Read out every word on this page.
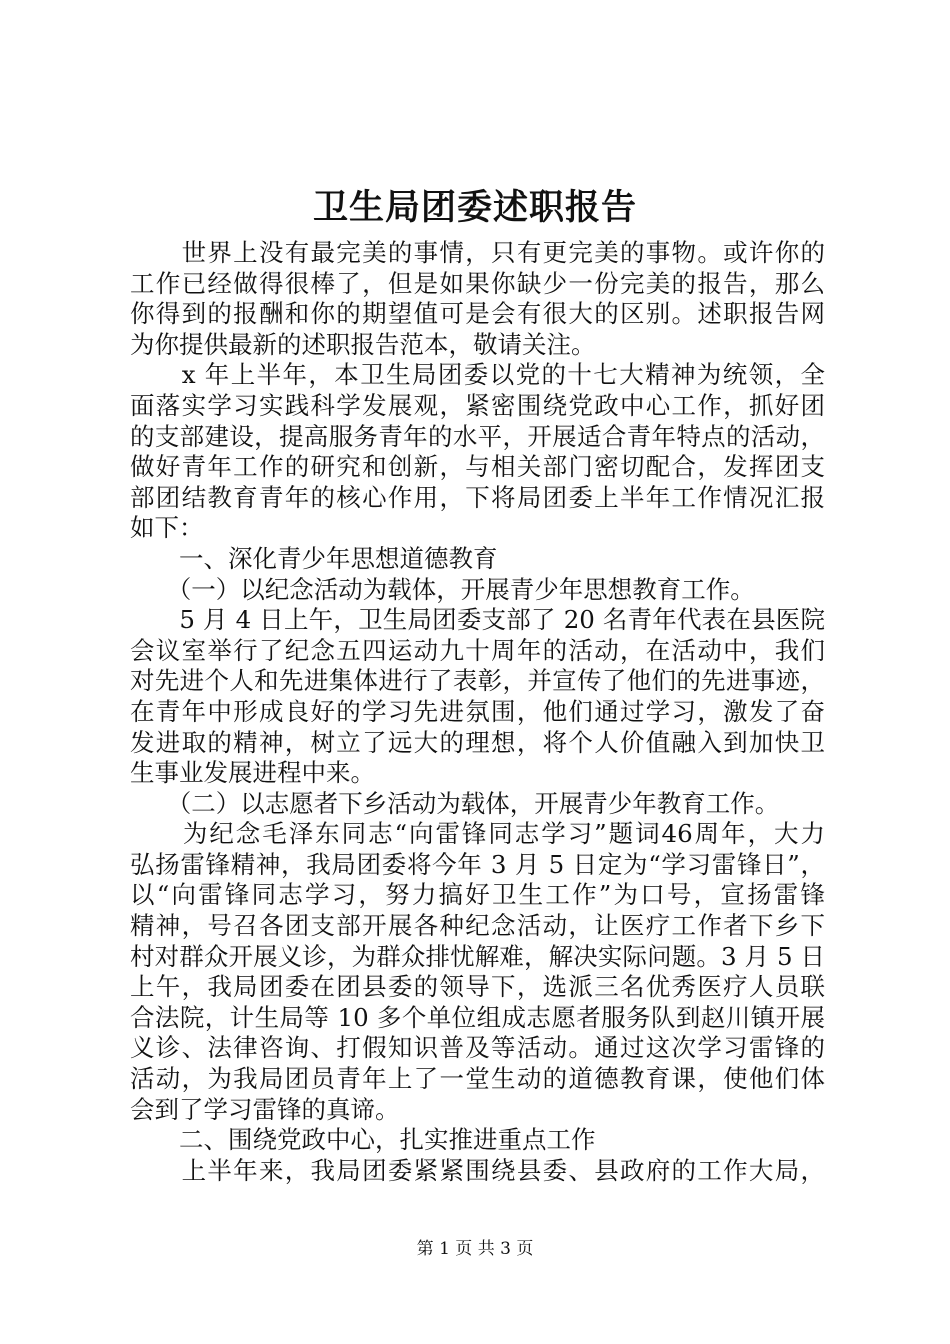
卫生局团委述职报告
　　世界上没有最完美的事情，只有更完美的事物。或许你的
工作已经做得很棒了，但是如果你缺少一份完美的报告，那么
你得到的报酬和你的期望值可是会有很大的区别。述职报告网
为你提供最新的述职报告范本，敬请关注。
　　x 年上半年，本卫生局团委以党的十七大精神为统领，全
面落实学习实践科学发展观，紧密围绕党政中心工作，抓好团
的支部建设，提高服务青年的水平，开展适合青年特点的活动，
做好青年工作的研究和创新，与相关部门密切配合，发挥团支
部团结教育青年的核心作用，下将局团委上半年工作情况汇报
如下：
　　一、深化青少年思想道德教育
　　（一）以纪念活动为载体，开展青少年思想教育工作。
　　5 月 4 日上午，卫生局团委支部了 20 名青年代表在县医院
会议室举行了纪念五四运动九十周年的活动，在活动中，我们
对先进个人和先进集体进行了表彰，并宣传了他们的先进事迹，
在青年中形成良好的学习先进氛围，他们通过学习，激发了奋
发进取的精神，树立了远大的理想，将个人价值融入到加快卫
生事业发展进程中来。
　　（二）以志愿者下乡活动为载体，开展青少年教育工作。
　　为纪念毛泽东同志“向雷锋同志学习”题词46周年，大力
弘扬雷锋精神，我局团委将今年 3 月 5 日定为“学习雷锋日”，
以“向雷锋同志学习，努力搞好卫生工作”为口号，宣扬雷锋
精神，号召各团支部开展各种纪念活动，让医疗工作者下乡下
村对群众开展义诊，为群众排忧解难，解决实际问题。3 月 5 日
上午，我局团委在团县委的领导下，选派三名优秀医疗人员联
合法院，计生局等 10 多个单位组成志愿者服务队到赵川镇开展
义诊、法律咨询、打假知识普及等活动。通过这次学习雷锋的
活动，为我局团员青年上了一堂生动的道德教育课，使他们体
会到了学习雷锋的真谛。
　　二、围绕党政中心，扎实推进重点工作
　　上半年来，我局团委紧紧围绕县委、县政府的工作大局，
第 1 页 共 3 页
